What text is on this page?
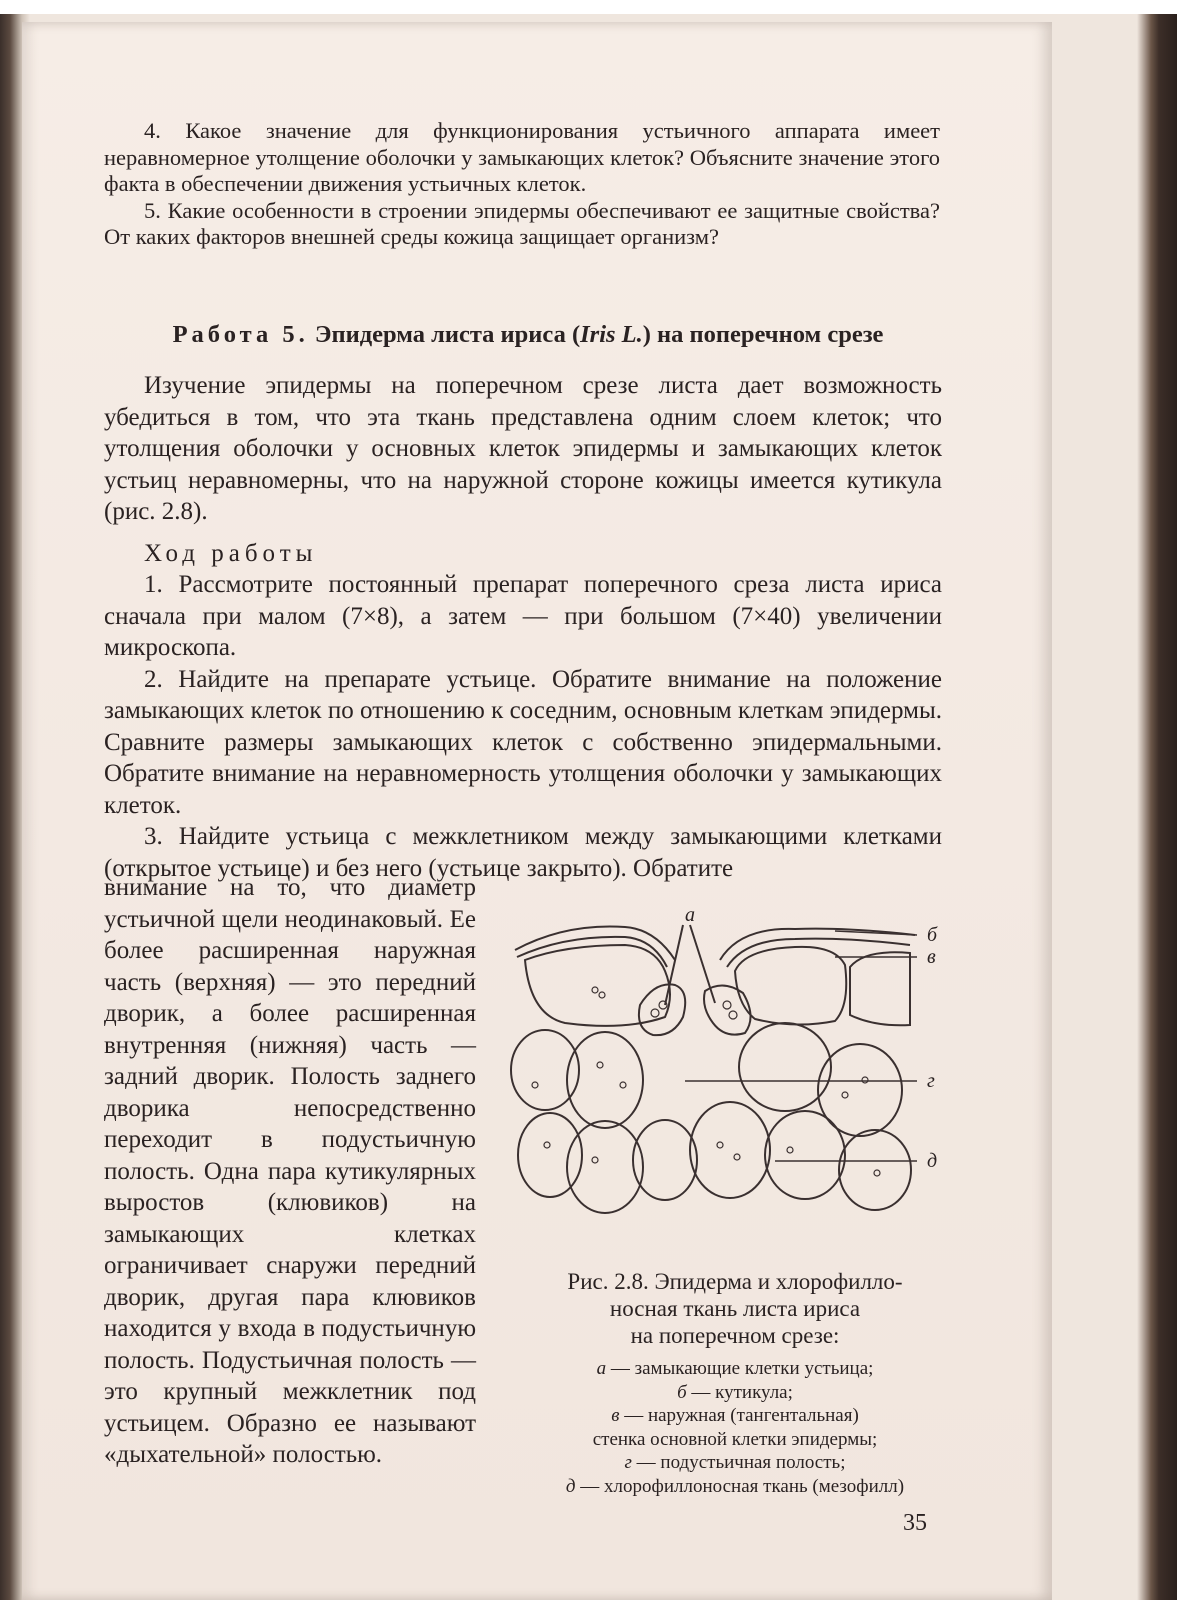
4. Какое значение для функционирования устьичного аппарата имеет неравномерное утолщение оболочки у замыкающих клеток? Объясните значение этого факта в обеспечении движения устьичных клеток.

5. Какие особенности в строении эпидермы обеспечивают ее защитные свойства? От каких факторов внешней среды кожица защищает организм?

Работа 5. Эпидерма листа ириса (Iris L.) на поперечном срезе

Изучение эпидермы на поперечном срезе листа дает возможность убедиться в том, что эта ткань представлена одним слоем клеток; что утолщения оболочки у основных клеток эпидермы и замыкающих клеток устьиц неравномерны, что на наружной стороне кожицы имеется кутикула (рис. 2.8).

Ход работы

1. Рассмотрите постоянный препарат поперечного среза листа ириса сначала при малом (7×8), а затем — при большом (7×40) увеличении микроскопа.

2. Найдите на препарате устьице. Обратите внимание на положение замыкающих клеток по отношению к соседним, основным клеткам эпидермы. Сравните размеры замыкающих клеток с собственно эпидермальными. Обратите внимание на неравномерность утолщения оболочки у замыкающих клеток.

3. Найдите устьица с межклетником между замыкающими клетками (открытое устьице) и без него (устьице закрыто). Обратите

внимание на то, что диаметр устьичной щели неодинаковый. Ее более расширенная наружная часть (верхняя) — это передний дворик, а более расширенная внутренняя (нижняя) часть — задний дворик. Полость заднего дворика непосредственно переходит в подустьичную полость. Одна пара кутикулярных выростов (клювиков) на замыкающих клетках ограничивает снаружи передний дворик, другая пара клювиков находится у входа в подустьичную полость. Подустьичная полость — это крупный межклетник под устьицем. Образно ее называют «дыхательной» полостью.

а
б
в
г
д
Рис. 2.8. Эпидерма и хлорофилло-
носная ткань листа ириса
на поперечном срезе:
а — замыкающие клетки устьица;
б — кутикула;
в — наружная (тангентальная)
стенка основной клетки эпидермы;
г — подустьичная полость;
д — хлорофиллоносная ткань (мезофилл)
35
